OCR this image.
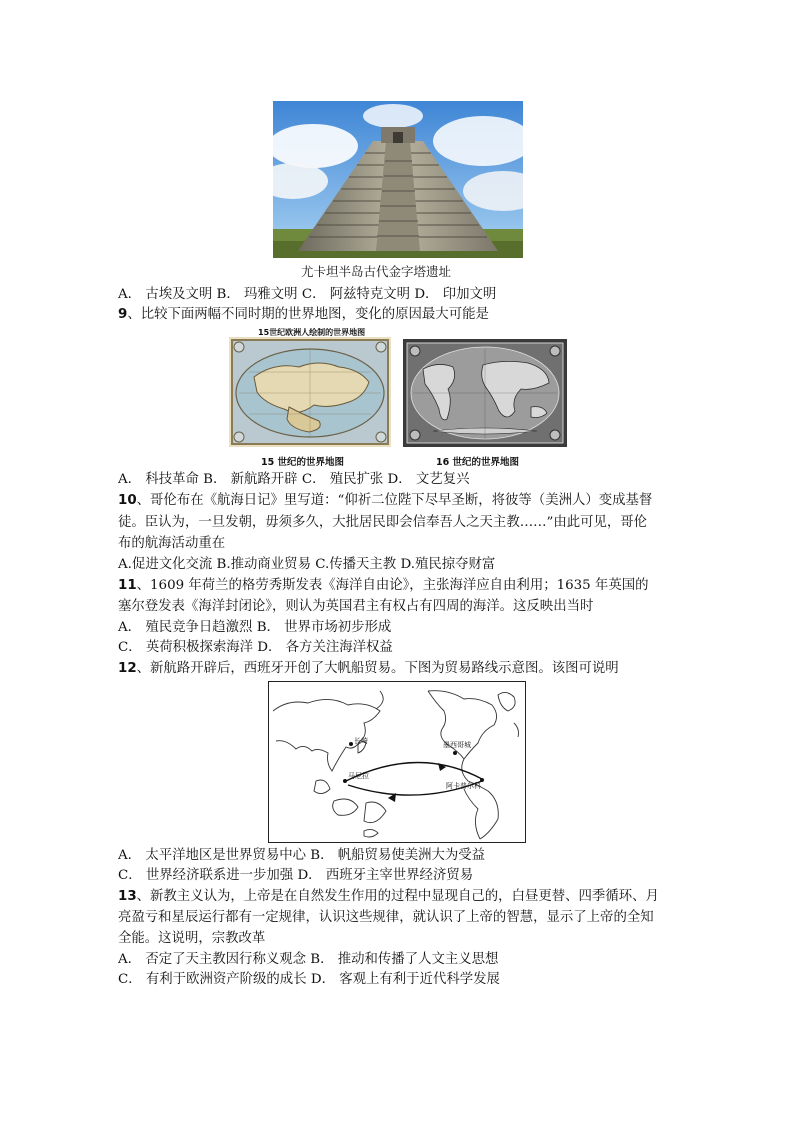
尤卡坦半岛古代金字塔遗址
A． 古埃及文明 B． 玛雅文明 C． 阿兹特克文明 D． 印加文明
9、比较下面两幅不同时期的世界地图，变化的原因最大可能是
15世纪欧洲人绘制的世界地图
15 世纪的世界地图	16 世纪的世界地图
A． 科技革命 B． 新航路开辟 C． 殖民扩张 D． 文艺复兴
10、哥伦布在《航海日记》里写道：“仰祈二位陛下尽早圣断，将彼等（美洲人）变成基督
徒。臣认为，一旦发朝，毋须多久，大批居民即会信奉吾人之天主教……”由此可见，哥伦
布的航海活动重在
A.促进文化交流 B.推动商业贸易 C.传播天主教 D.殖民掠夺财富
11、1609 年荷兰的格劳秀斯发表《海洋自由论》，主张海洋应自由利用；1635 年英国的
塞尔登发表《海洋封闭论》，则认为英国君主有权占有四周的海洋。这反映出当时
A． 殖民竞争日趋激烈 B． 世界市场初步形成
C． 英荷积极探索海洋 D． 各方关注海洋权益
12、新航路开辟后，西班牙开创了大帆船贸易。下图为贸易路线示意图。该图可说明
长崎	墨西哥城
马尼拉
阿卡普尔科
A． 太平洋地区是世界贸易中心 B． 帆船贸易使美洲大为受益
C． 世界经济联系进一步加强 D． 西班牙主宰世界经济贸易
13、新教主义认为，上帝是在自然发生作用的过程中显现自己的，白昼更替、四季循环、月
亮盈亏和星辰运行都有一定规律，认识这些规律，就认识了上帝的智慧，显示了上帝的全知
全能。这说明，宗教改革
A． 否定了天主教因行称义观念 B． 推动和传播了人文主义思想
C． 有利于欧洲资产阶级的成长 D． 客观上有利于近代科学发展
